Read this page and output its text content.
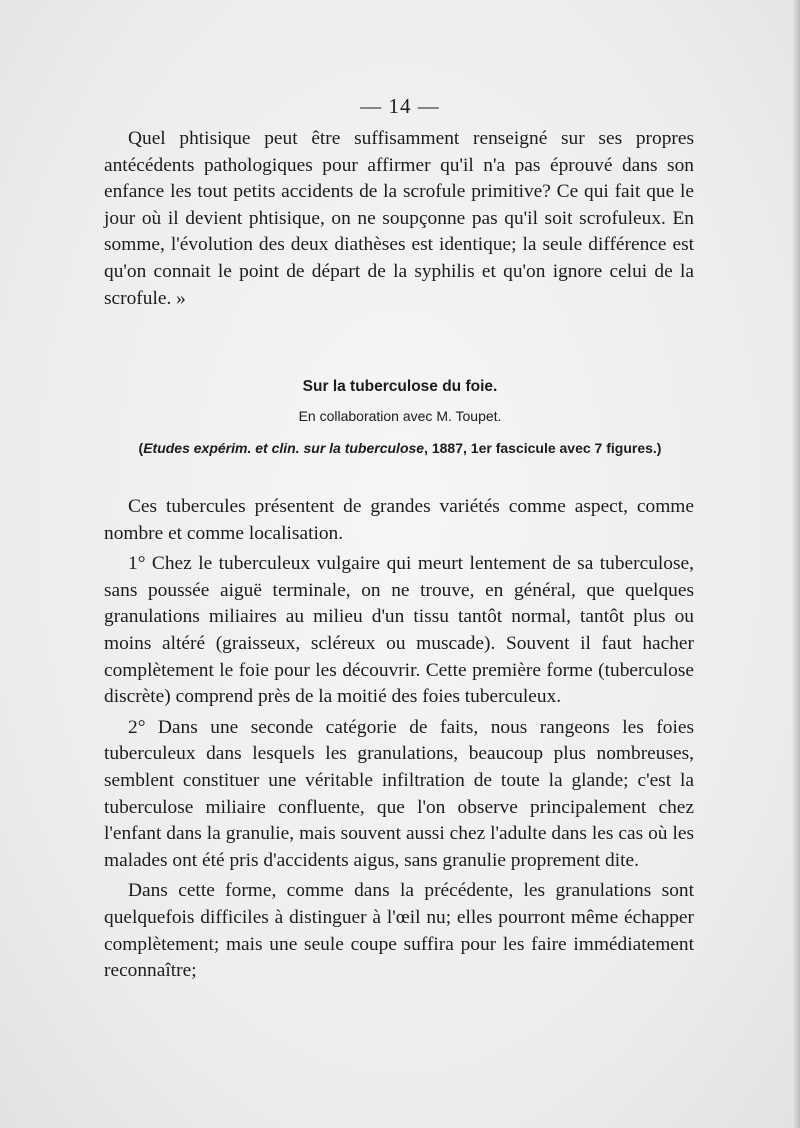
— 14 —

Quel phtisique peut être suffisamment renseigné sur ses propres antécédents pathologiques pour affirmer qu'il n'a pas éprouvé dans son enfance les tout petits accidents de la scrofule primitive? Ce qui fait que le jour où il devient phtisique, on ne soupçonne pas qu'il soit scrofuleux. En somme, l'évolution des deux diathèses est identique; la seule différence est qu'on connait le point de départ de la syphilis et qu'on ignore celui de la scrofule. »

Sur la tuberculose du foie.
En collaboration avec M. Toupet.
(Etudes expérim. et clin. sur la tuberculose, 1887, 1er fascicule avec 7 figures.)

Ces tubercules présentent de grandes variétés comme aspect, comme nombre et comme localisation.

1° Chez le tuberculeux vulgaire qui meurt lentement de sa tuberculose, sans poussée aiguë terminale, on ne trouve, en général, que quelques granulations miliaires au milieu d'un tissu tantôt normal, tantôt plus ou moins altéré (graisseux, scléreux ou muscade). Souvent il faut hacher complètement le foie pour les découvrir. Cette première forme (tuberculose discrète) comprend près de la moitié des foies tuberculeux.

2° Dans une seconde catégorie de faits, nous rangeons les foies tuberculeux dans lesquels les granulations, beaucoup plus nombreuses, semblent constituer une véritable infiltration de toute la glande; c'est la tuberculose miliaire confluente, que l'on observe principalement chez l'enfant dans la granulie, mais souvent aussi chez l'adulte dans les cas où les malades ont été pris d'accidents aigus, sans granulie proprement dite.

Dans cette forme, comme dans la précédente, les granulations sont quelquefois difficiles à distinguer à l'œil nu; elles pourront même échapper complètement; mais une seule coupe suffira pour les faire immédiatement reconnaître;
